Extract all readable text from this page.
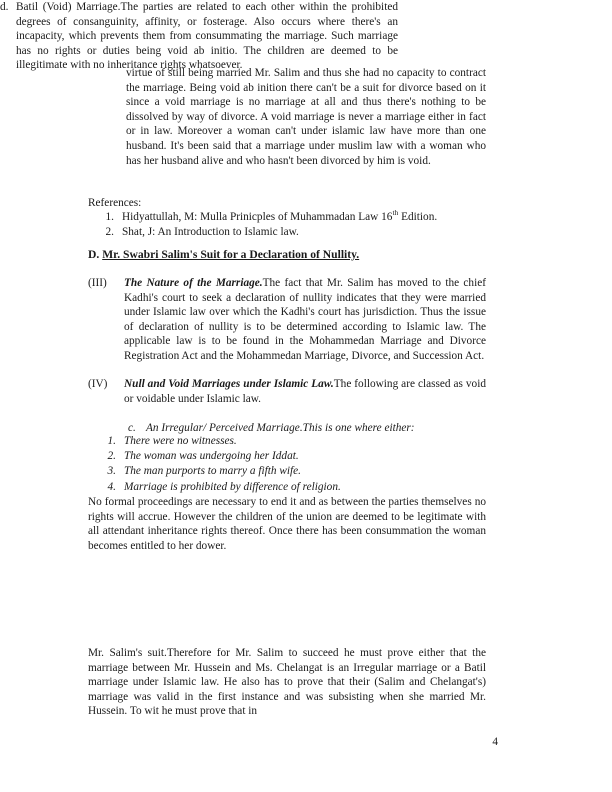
virtue of still being married Mr. Salim and thus she had no capacity to contract the marriage. Being void ab inition there can't be a suit for divorce based on it since a void marriage is no marriage at all and thus there's nothing to be dissolved by way of divorce. A void marriage is never a marriage either in fact or in law. Moreover a woman can't under islamic law have more than one husband. It's been said that a marriage under muslim law with a woman who has her husband alive and who hasn't been divorced by him is void.
References:
1. Hidyattullah, M: Mulla Prinicples of Muhammadan Law 16th Edition.
2. Shat, J: An Introduction to Islamic law.
D. Mr. Swabri Salim's Suit for a Declaration of Nullity.
(III)	The Nature of the Marriage.The fact that Mr. Salim has moved to the chief Kadhi's court to seek a declaration of nullity indicates that they were married under Islamic law over which the Kadhi's court has jurisdiction. Thus the issue of declaration of nullity is to be determined according to Islamic law. The applicable law is to be found in the Mohammedan Marriage and Divorce Registration Act and the Mohammedan Marriage, Divorce, and Succession Act.
(IV)	Null and Void Marriages under Islamic Law.The following are classed as void or voidable under Islamic law.
c. An Irregular/ Perceived Marriage.This is one where either:
1. There were no witnesses.
2. The woman was undergoing her Iddat.
3. The man purports to marry a fifth wife.
4. Marriage is prohibited by difference of religion.
No formal proceedings are necessary to end it and as between the parties themselves no rights will accrue. However the children of the union are deemed to be legitimate with all attendant inheritance rights thereof. Once there has been consummation the woman becomes entitled to her dower.
d. Batil (Void) Marriage.The parties are related to each other within the prohibited degrees of consanguinity, affinity, or fosterage. Also occurs where there's an incapacity, which prevents them from consummating the marriage. Such marriage has no rights or duties being void ab initio. The children are deemed to be illegitimate with no inheritance rights whatsoever.
Mr. Salim's suit.Therefore for Mr. Salim to succeed he must prove either that the marriage between Mr. Hussein and Ms. Chelangat is an Irregular marriage or a Batil marriage under Islamic law. He also has to prove that their (Salim and Chelangat's) marriage was valid in the first instance and was subsisting when she married Mr. Hussein. To wit he must prove that in
4
